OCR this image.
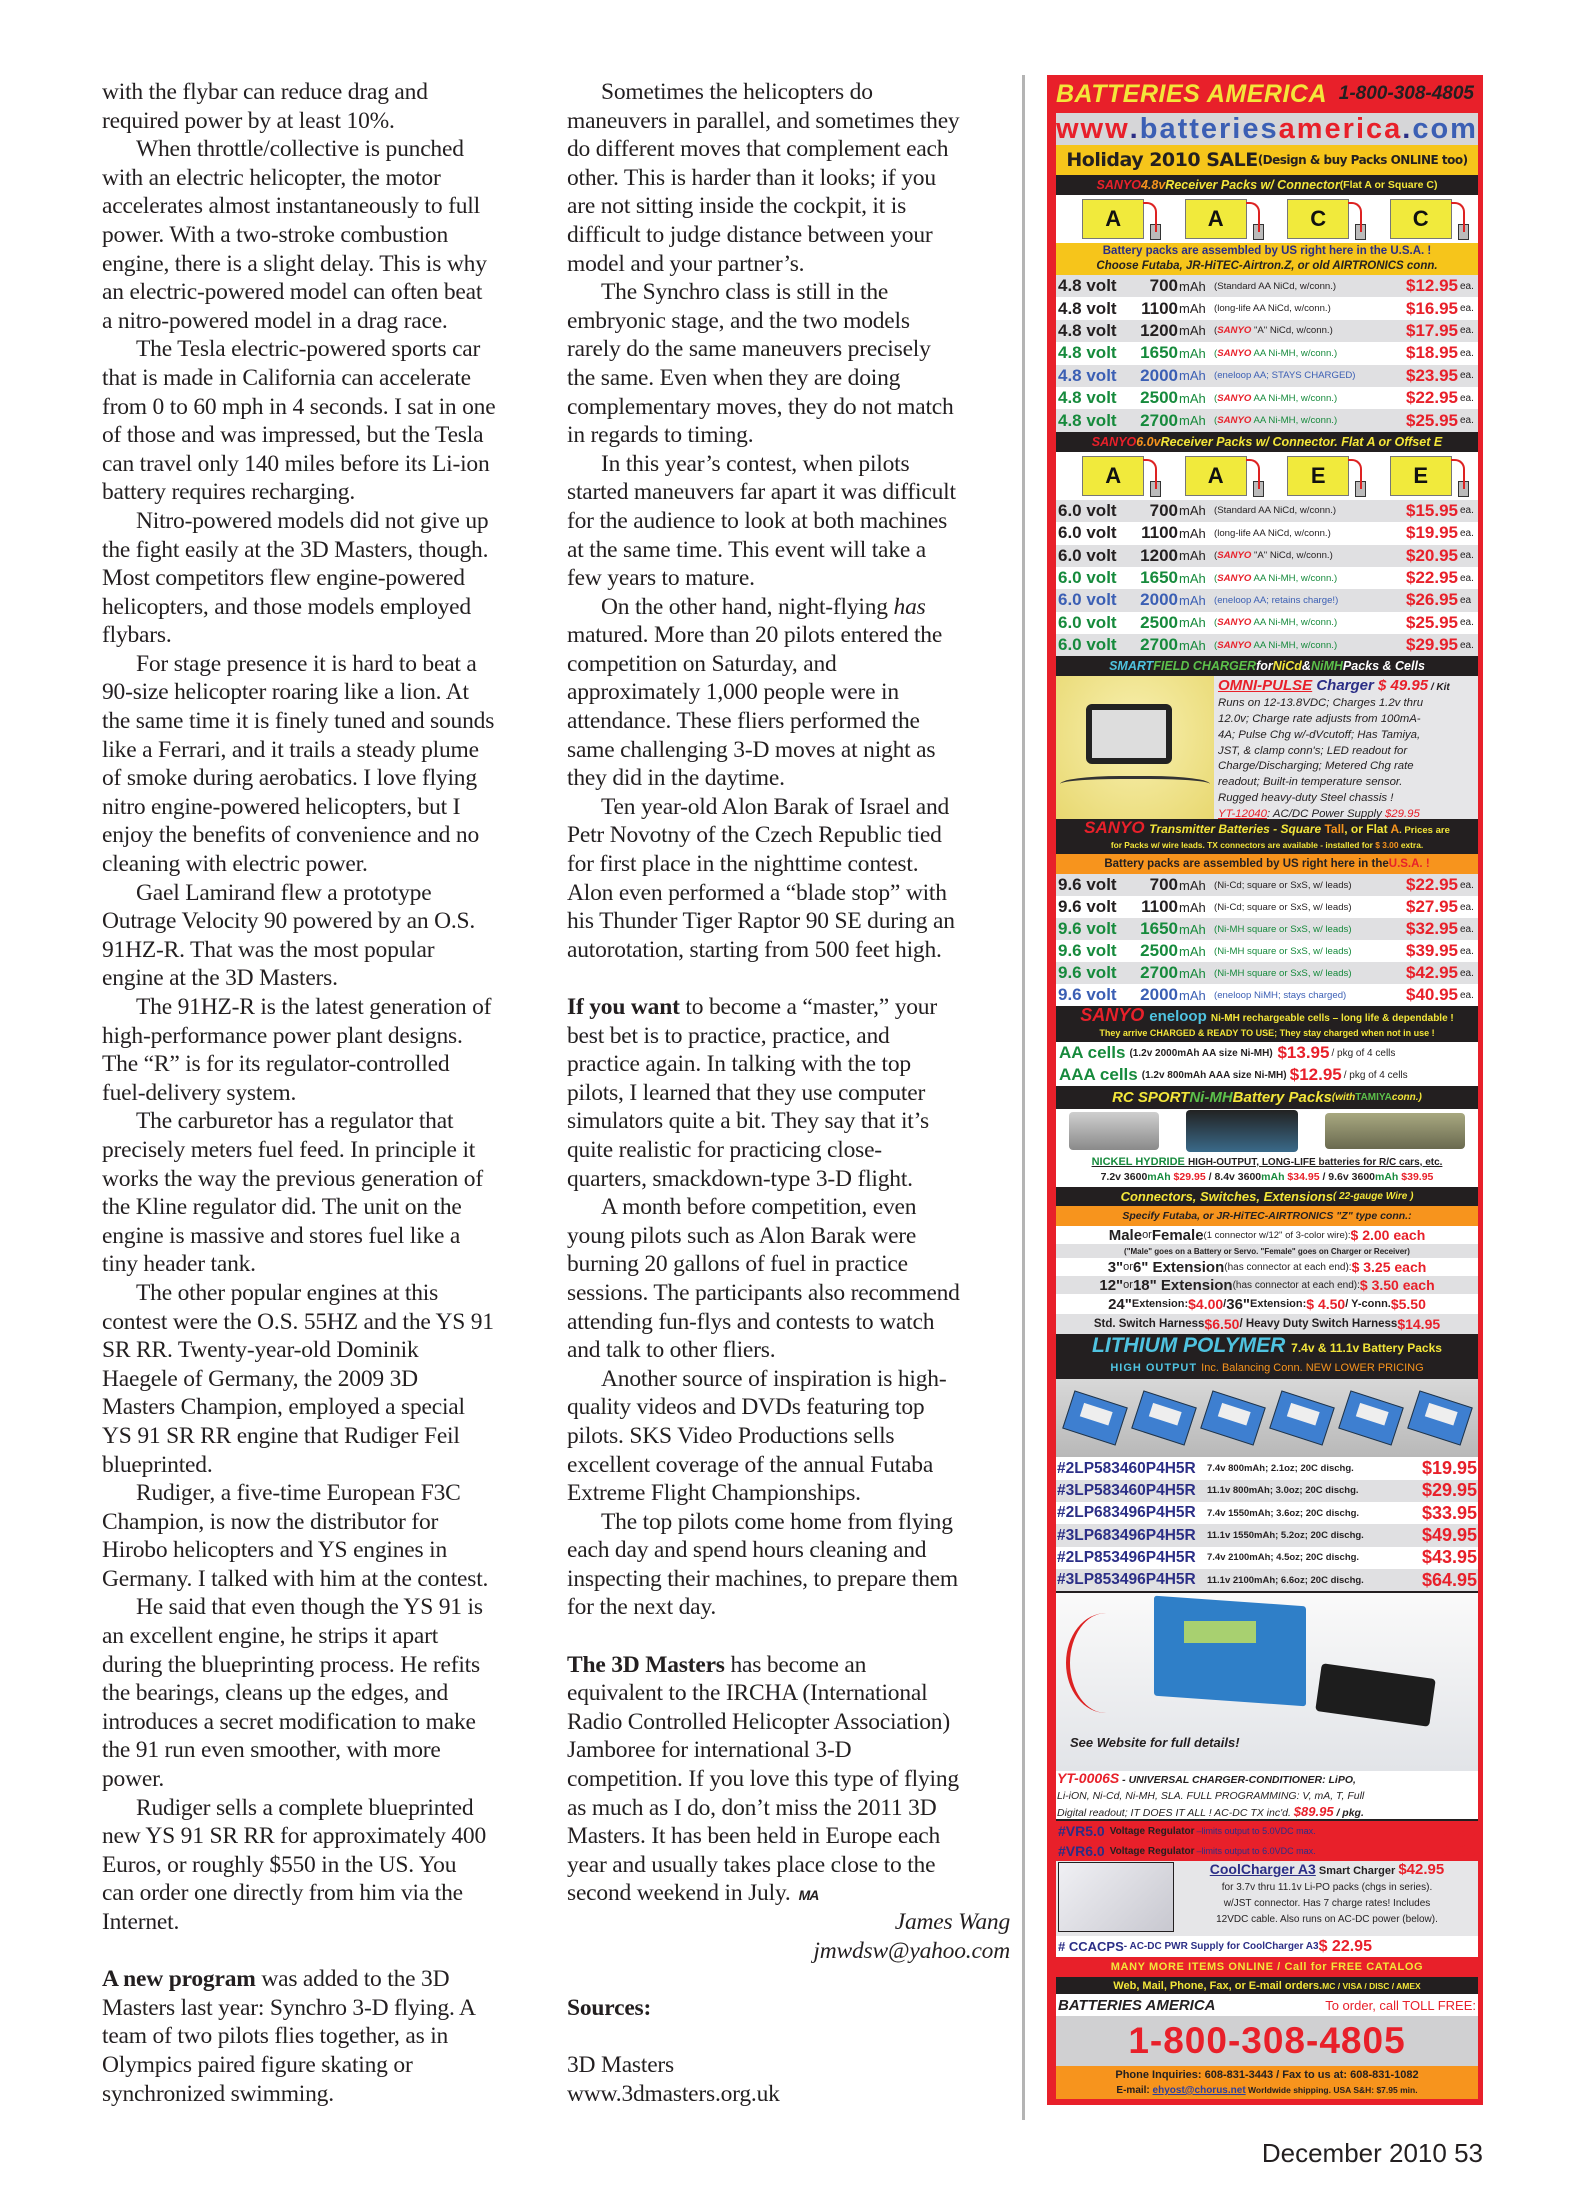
with the flybar can reduce drag and
required power by at least 10%.
When throttle/collective is punched
with an electric helicopter, the motor
accelerates almost instantaneously to full
power. With a two-stroke combustion
engine, there is a slight delay. This is why
an electric-powered model can often beat
a nitro-powered model in a drag race.
The Tesla electric-powered sports car
that is made in California can accelerate
from 0 to 60 mph in 4 seconds. I sat in one
of those and was impressed, but the Tesla
can travel only 140 miles before its Li-ion
battery requires recharging.
Nitro-powered models did not give up
the fight easily at the 3D Masters, though.
Most competitors flew engine-powered
helicopters, and those models employed
flybars.
For stage presence it is hard to beat a
90-size helicopter roaring like a lion. At
the same time it is finely tuned and sounds
like a Ferrari, and it trails a steady plume
of smoke during aerobatics. I love flying
nitro engine-powered helicopters, but I
enjoy the benefits of convenience and no
cleaning with electric power.
Gael Lamirand flew a prototype
Outrage Velocity 90 powered by an O.S.
91HZ-R. That was the most popular
engine at the 3D Masters.
The 91HZ-R is the latest generation of
high-performance power plant designs.
The “R” is for its regulator-controlled
fuel-delivery system.
The carburetor has a regulator that
precisely meters fuel feed. In principle it
works the way the previous generation of
the Kline regulator did. The unit on the
engine is massive and stores fuel like a
tiny header tank.
The other popular engines at this
contest were the O.S. 55HZ and the YS 91
SR RR. Twenty-year-old Dominik
Haegele of Germany, the 2009 3D
Masters Champion, employed a special
YS 91 SR RR engine that Rudiger Feil
blueprinted.
Rudiger, a five-time European F3C
Champion, is now the distributor for
Hirobo helicopters and YS engines in
Germany. I talked with him at the contest.
He said that even though the YS 91 is
an excellent engine, he strips it apart
during the blueprinting process. He refits
the bearings, cleans up the edges, and
introduces a secret modification to make
the 91 run even smoother, with more
power.
Rudiger sells a complete blueprinted
new YS 91 SR RR for approximately 400
Euros, or roughly $550 in the US. You
can order one directly from him via the
Internet.
A new program was added to the 3D
Masters last year: Synchro 3-D flying. A
team of two pilots flies together, as in
Olympics paired figure skating or
synchronized swimming.
Sometimes the helicopters do
maneuvers in parallel, and sometimes they
do different moves that complement each
other. This is harder than it looks; if you
are not sitting inside the cockpit, it is
difficult to judge distance between your
model and your partner’s.
The Synchro class is still in the
embryonic stage, and the two models
rarely do the same maneuvers precisely
the same. Even when they are doing
complementary moves, they do not match
in regards to timing.
In this year’s contest, when pilots
started maneuvers far apart it was difficult
for the audience to look at both machines
at the same time. This event will take a
few years to mature.
On the other hand, night-flying has
matured. More than 20 pilots entered the
competition on Saturday, and
approximately 1,000 people were in
attendance. These fliers performed the
same challenging 3-D moves at night as
they did in the daytime.
Ten year-old Alon Barak of Israel and
Petr Novotny of the Czech Republic tied
for first place in the nighttime contest.
Alon even performed a “blade stop” with
his Thunder Tiger Raptor 90 SE during an
autorotation, starting from 500 feet high.
If you want to become a “master,” your
best bet is to practice, practice, and
practice again. In talking with the top
pilots, I learned that they use computer
simulators quite a bit. They say that it’s
quite realistic for practicing close-
quarters, smackdown-type 3-D flight.
A month before competition, even
young pilots such as Alon Barak were
burning 20 gallons of fuel in practice
sessions. The participants also recommend
attending fun-flys and contests to watch
and talk to other fliers.
Another source of inspiration is high-
quality videos and DVDs featuring top
pilots. SKS Video Productions sells
excellent coverage of the annual Futaba
Extreme Flight Championships.
The top pilots come home from flying
each day and spend hours cleaning and
inspecting their machines, to prepare them
for the next day.
The 3D Masters has become an
equivalent to the IRCHA (International
Radio Controlled Helicopter Association)
Jamboree for international 3-D
competition. If you love this type of flying
as much as I do, don’t miss the 2011 3D
Masters. It has been held in Europe each
year and usually takes place close to the
second weekend in July. MA
James Wang
jmwdsw@yahoo.com
Sources:
3D Masters
www.3dmasters.org.uk
December 2010 53
BATTERIES AMERICA 1-800-308-4805
www . batteries america . com
Holiday 2010 SALE (Design & buy Packs ONLINE too)
SANYO 4.8v Receiver Packs w/ Connector (Flat A or Square C)
A	A	C	C
Battery packs are assembled by US right here in the U.S.A. !
Choose Futaba, JR-HiTEC-Airtron.Z, or old AIRTRONICS conn.
4.8 volt	700 mAh (Standard AA NiCd, w/conn.)	$12.95 ea.
4.8 volt	1100 mAh (long-life AA NiCd, w/conn.)	$16.95 ea.
4.8 volt	1200 mAh (SANYO "A" NiCd, w/conn.)	$17.95 ea.
4.8 volt	1650 mAh (SANYO AA Ni-MH, w/conn.)	$18.95 ea.
4.8 volt	2000 mAh (eneloop AA; STAYS CHARGED)	$23.95 ea.
4.8 volt	2500 mAh (SANYO AA Ni-MH, w/conn.)	$22.95 ea.
4.8 volt	2700 mAh (SANYO AA Ni-MH, w/conn.)	$25.95 ea.
SANYO 6.0v Receiver Packs w/ Connector. Flat A or Offset E
A	A	E	E
6.0 volt	700 mAh (Standard AA NiCd, w/conn.)	$15.95 ea.
6.0 volt	1100 mAh (long-life AA NiCd, w/conn.)	$19.95 ea.
6.0 volt	1200 mAh (SANYO "A" NiCd, w/conn.)	$20.95 ea.
6.0 volt	1650 mAh (SANYO AA Ni-MH, w/conn.)	$22.95 ea.
6.0 volt	2000 mAh (eneloop AA; retains charge!)	$26.95 ea
6.0 volt	2500 mAh (SANYO AA Ni-MH, w/conn.)	$25.95 ea.
6.0 volt	2700 mAh (SANYO AA Ni-MH, w/conn.)	$29.95 ea.
SMART FIELD CHARGER for NiCd & NiMH Packs & Cells
OMNI-PULSE Charger $ 49.95 / Kit
Runs on 12-13.8VDC; Charges 1.2v thru
12.0v; Charge rate adjusts from 100mA-
4A; Pulse Chg w/-dVcutoff; Has Tamiya,
JST, & clamp conn's; LED readout for
Charge/Discharging; Metered Chg rate
readout; Built-in temperature sensor.
Rugged heavy-duty Steel chassis !
YT-12040: AC/DC Power Supply $29.95
SANYO Transmitter Batteries - Square Tall, or Flat A. Prices are
for Packs w/ wire leads. TX connectors are available - installed for $ 3.00 extra.
Battery packs are assembled by US right here in the U.S.A. !
9.6 volt	700 mAh (Ni-Cd; square or SxS, w/ leads)	$22.95 ea.
9.6 volt	1100 mAh (Ni-Cd; square or SxS, w/ leads)	$27.95 ea.
9.6 volt	1650 mAh (Ni-MH square or SxS, w/ leads)	$32.95 ea.
9.6 volt	2500 mAh (Ni-MH square or SxS, w/ leads)	$39.95 ea.
9.6 volt	2700 mAh (Ni-MH square or SxS, w/ leads)	$42.95 ea.
9.6 volt	2000 mAh (eneloop NiMH; stays charged)	$40.95 ea.
SANYO eneloop Ni-MH rechargeable cells – long life & dependable !
They arrive CHARGED & READY TO USE; They stay charged when not in use !
AA cells (1.2v 2000mAh AA size Ni-MH) $13.95 / pkg of 4 cells
AAA cells (1.2v 800mAh AAA size Ni-MH) $12.95 / pkg of 4 cells
RC SPORT Ni-MH Battery Packs (with TAMIYA conn.)
NICKEL HYDRIDE HIGH-OUTPUT, LONG-LIFE batteries for R/C cars, etc.
7.2v 3600mAh $29.95 / 8.4v 3600mAh $34.95 / 9.6v 3600mAh $39.95
Connectors, Switches, Extensions ( 22-gauge Wire )
Specify Futaba, or JR-HiTEC-AIRTRONICS "Z" type conn.:
Male or Female (1 connector w/12" of 3-color wire): $ 2.00 each
("Male" goes on a Battery or Servo. "Female" goes on Charger or Receiver)
3" or 6" Extension (has connector at each end): $ 3.25 each
12" or 18" Extension (has connector at each end): $ 3.50 each
24" Extension: $4.00 / 36" Extension: $ 4.50 / Y-conn. $5.50
Std. Switch Harness $6.50 / Heavy Duty Switch Harness $14.95
LITHIUM POLYMER 7.4v & 11.1v Battery Packs
HIGH OUTPUT Inc. Balancing Conn. NEW LOWER PRICING
#2LP583460P4H5R	7.4v 800mAh; 2.1oz; 20C dischg.	$19.95
#3LP583460P4H5R	11.1v 800mAh; 3.0oz; 20C dischg.	$29.95
#2LP683496P4H5R	7.4v 1550mAh; 3.6oz; 20C dischg.	$33.95
#3LP683496P4H5R	11.1v 1550mAh; 5.2oz; 20C dischg.	$49.95
#2LP853496P4H5R	7.4v 2100mAh; 4.5oz; 20C dischg.	$43.95
#3LP853496P4H5R	11.1v 2100mAh; 6.6oz; 20C dischg.	$64.95
See Website for full details!
YT-0006S - UNIVERSAL CHARGER-CONDITIONER: LiPO,
Li-iON, Ni-Cd, Ni-MH, SLA. FULL PROGRAMMING: V, mA, T, Full
Digital readout; IT DOES IT ALL ! AC-DC TX inc'd. $89.95 / pkg.
#VR5.0 Voltage Regulator –limits output to 5.0VDC max.	$19.95
#VR6.0 Voltage Regulator –limits output to 6.0VDC max.	$19.95
CoolCharger A3 Smart Charger $42.95
for 3.7v thru 11.1v Li-PO packs (chgs in series).
w/JST connector. Has 7 charge rates! Includes
12VDC cable. Also runs on AC-DC power (below).
# CCACPS - AC-DC PWR Supply for CoolCharger A3 $ 22.95
MANY MORE ITEMS ONLINE / Call for FREE CATALOG
Web, Mail, Phone, Fax, or E-mail orders. MC / VISA / DISC / AMEX
BATTERIES AMERICA	To order, call TOLL FREE:
1-800-308-4805
Phone Inquiries: 608-831-3443 / Fax to us at: 608-831-1082
E-mail: ehyost@chorus.net Worldwide shipping. USA S&H: $7.95 min.
